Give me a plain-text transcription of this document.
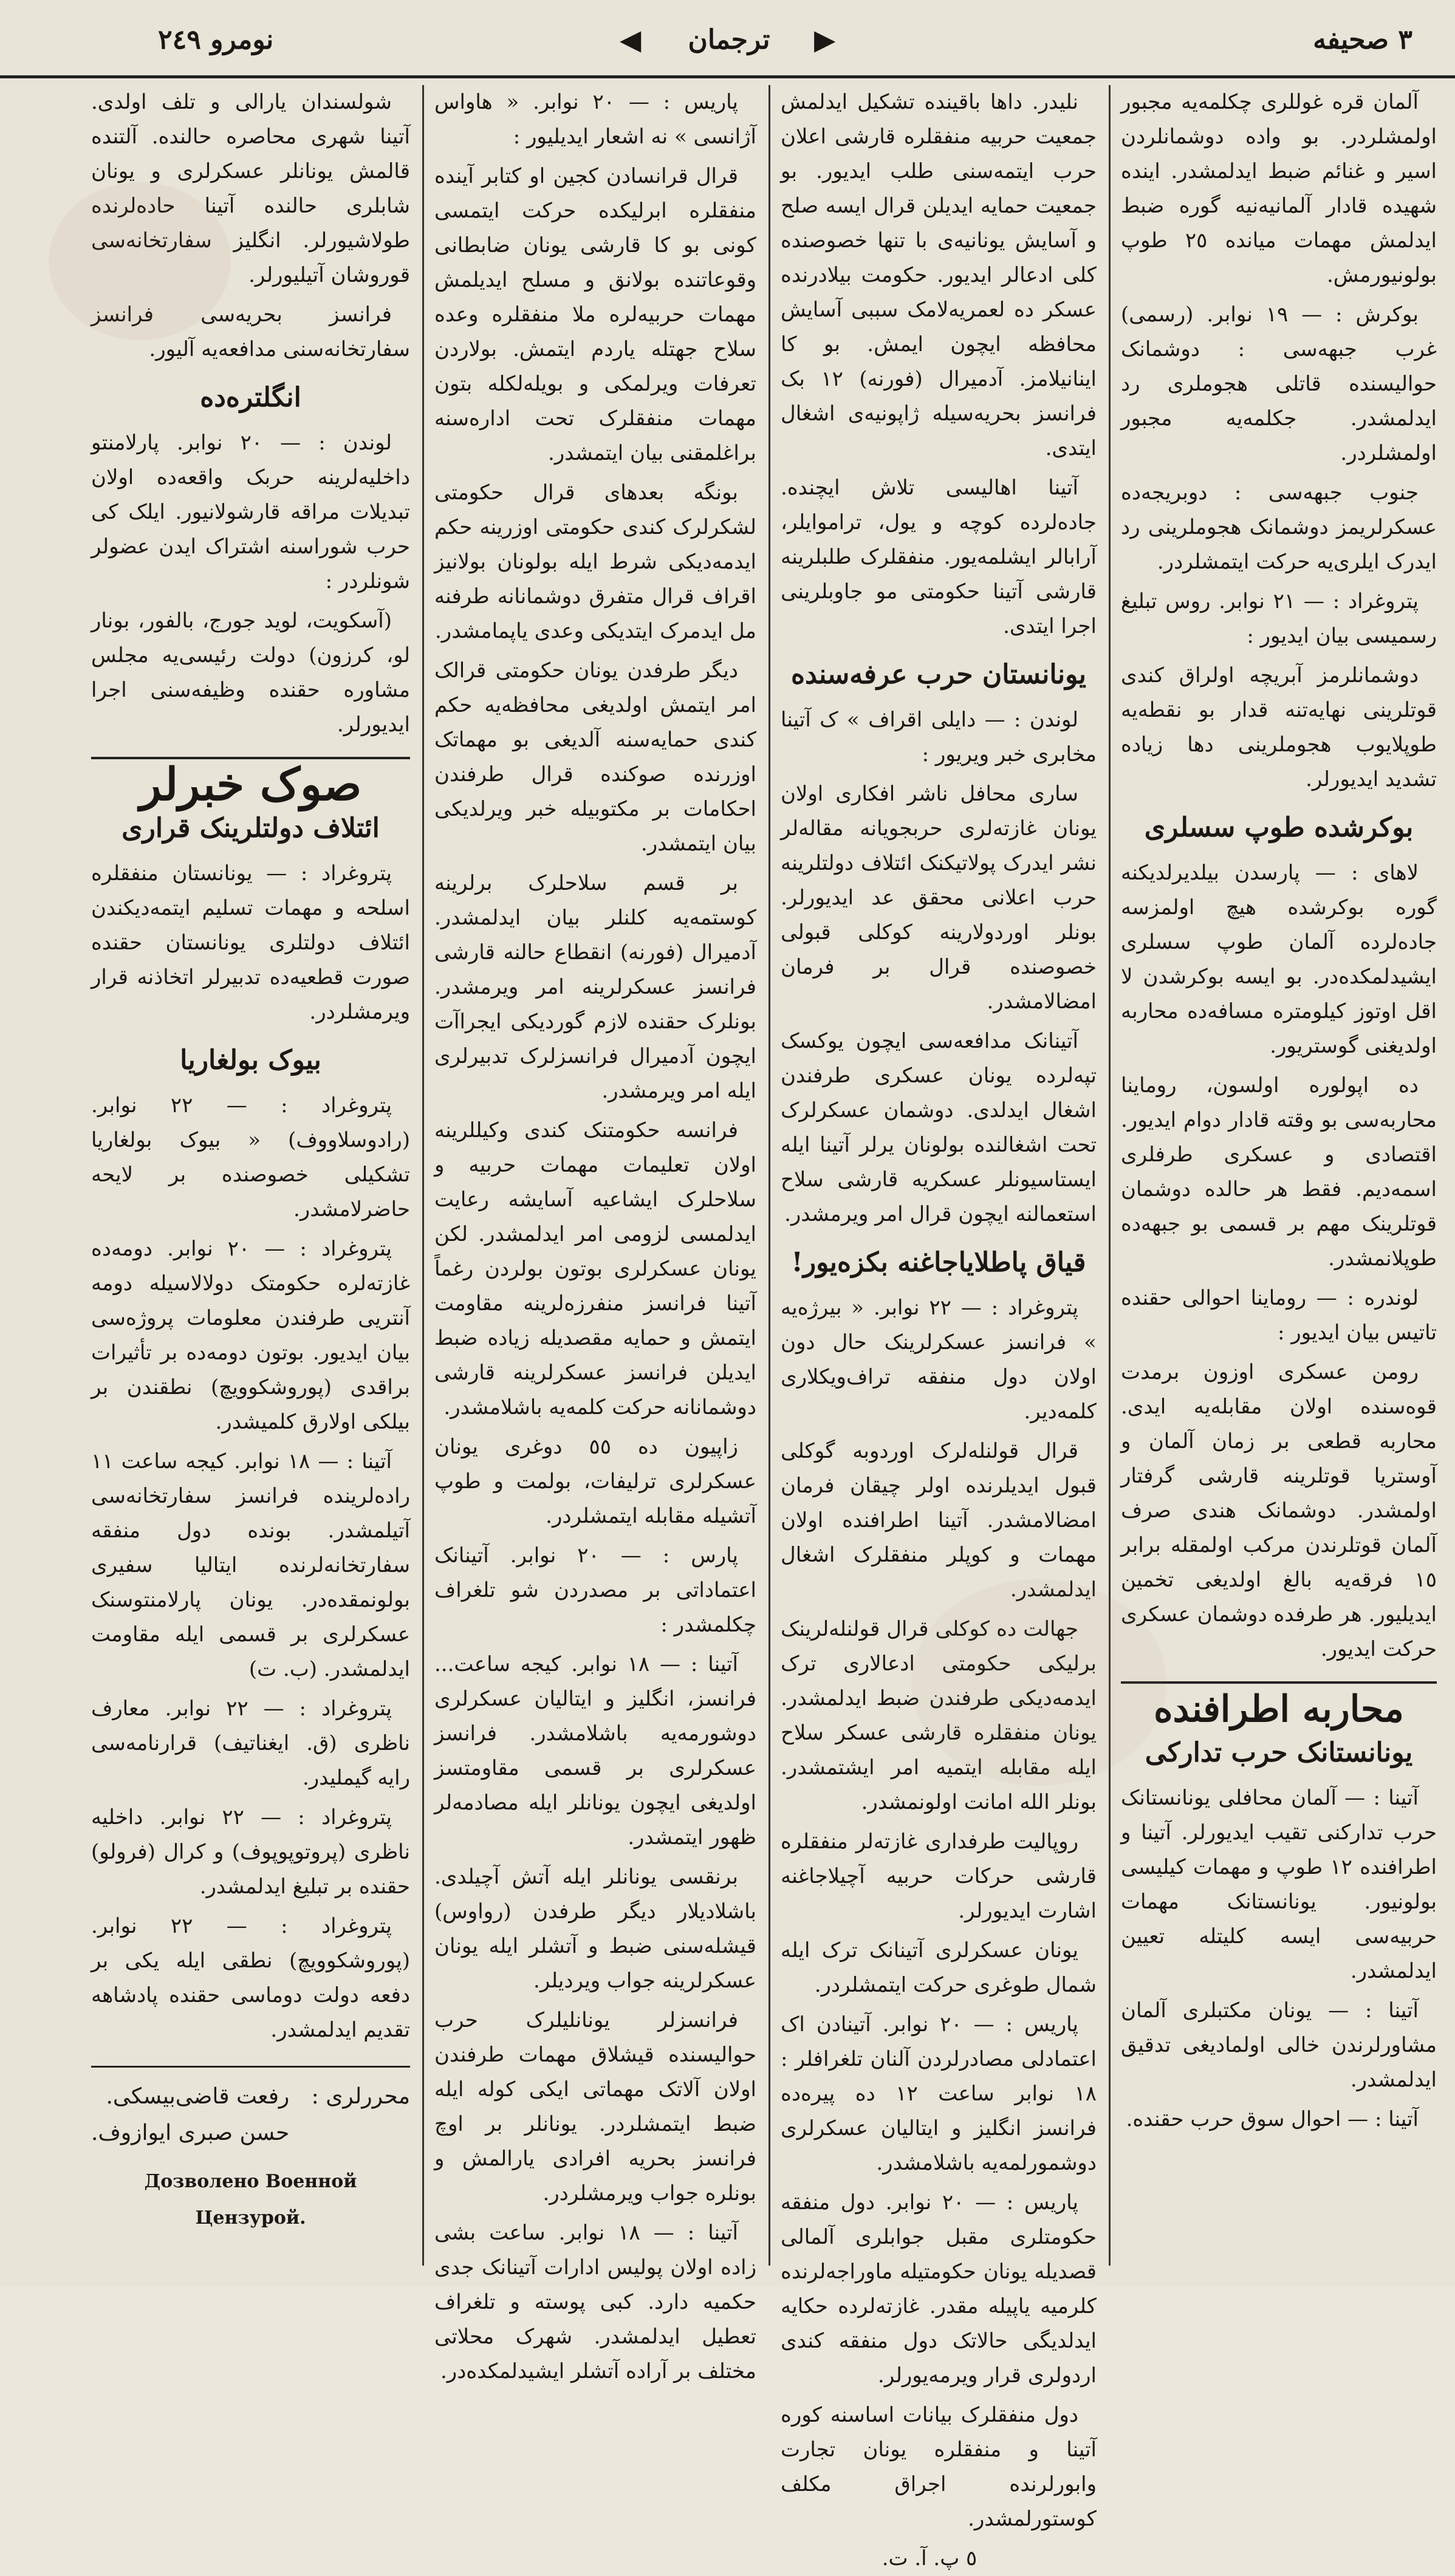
٣ صحيفه
◀ ترجمان ▶
نومرو ٢٤٩

آلمان قره غوللری چکلمه‌یه مجبور اولمشلردر. بو واده دوشمانلردن اسیر و غنائم ضبط ایدلمشدر. اینده شهیده قادار آلمانیه‌نیه گوره ضبط ایدلمش مهمات میانده ٢٥ طوپ بولونیورمش.

بوکرش : — ١٩ نوابر. (رسمی) غرب جبهه‌سی : دوشمانک حوالیسنده قاتلی هجوملری رد ایدلمشدر. جکلمه‌یه مجبور اولمشلردر.

جنوب جبهه‌سی : دوبریجه‌ده عسکرلریمز دوشمانک هجوملرینی رد ایدرک ایلری‌یه حرکت ایتمشلردر.

پتروغراد : — ٢١ نوابر. روس تبلیغ رسمیسی بیان ایدیور :

دوشمانلرمز آبریچه اولراق کندی قوتلرینی نهایه‌تنه قدار بو نقطه‌یه طوپلایوب هجوملرینی دها زیاده تشدید ایدیورلر.

بوکرشده طوپ سسلری

لاهای : — پارسدن بیلدیرلدیکنه گوره بوکرشده هیچ اولمزسه جاده‌لرده آلمان طوپ سسلری ایشیدلمکده‌در. بو ایسه بوکرشدن لا اقل اوتوز کیلومتره مسافه‌ده محاربه اولدیغنی گوستریور.

ده اپولوره اولسون، روماینا محاربه‌سی بو وقته قادار دوام ایدیور. اقتصادی و عسکری طرفلری اسمه‌دیم. فقط هر حالده دوشمان قوتلرینک مهم بر قسمی بو جبهه‌ده طوپلانمشدر.

لوندره : — روماینا احوالی حقنده تاتیس بیان ایدیور :

رومن عسکری اوزون برمدت قوه‌سنده اولان مقابله‌یه ایدی. محاربه قطعی بر زمان آلمان و آوستریا قوتلرینه قارشی گرفتار اولمشدر. دوشمانک هندی صرف آلمان قوتلرندن مرکب اولمقله برابر ١٥ فرقه‌یه بالغ اولدیغی تخمین ایدیلیور. هر طرفده دوشمان عسکری حرکت ایدیور.

محاربه اطرافنده
یونانستانک حرب تدارکی

آتینا : — آلمان محافلی یونانستانک حرب تدارکنی تقیب ایدیورلر. آتینا و اطرافنده ١٢ طوپ و مهمات کیلیسی بولونیور. یونانستانک مهمات حربیه‌سی ایسه کلیتله تعیین ایدلمشدر.

آتینا : — یونان مکتبلری آلمان مشاورلرندن خالی اولمادیغی تدقیق ایدلمشدر.

آتینا : — احوال سوق حرب حقنده.

نلیدر. داها باقینده تشکیل ایدلمش جمعیت حربیه منفقلره قارشی اعلان حرب ایتمه‌سنی طلب ایدیور. بو جمعیت حمایه ایدیلن قرال ایسه صلح و آسایش یونانیه‌ی با تنها خصوصنده کلی ادعالر ایدیور. حکومت بیلادرنده عسکر ده لعمریه‌لامک سببی آسایش محافظه ایچون ایمش. بو کا اینانیلامز. آدمیرال (فورنه) ١٢ بک فرانسز بحریه‌سیله ژاپونیه‌ی اشغال ایتدی.

آتینا اهالیسی تلاش ایچنده. جاده‌لرده کوچه و یول، تراموایلر، آرابالر ایشلمه‌یور. منفقلرک طلبلرینه قارشی آتینا حکومتی مو جاوبلرینی اجرا ایتدی.

یونانستان حرب عرفه‌سنده

لوندن : — دایلی اقراف » ک آتینا مخابری خبر ویریور :

ساری محافل ناشر افکاری اولان یونان غازته‌لری حربجویانه مقاله‌لر نشر ایدرک پولاتیکنک ائتلاف دولتلرینه حرب اعلانی محقق عد ایدیورلر. بونلر اوردولارینه کوکلی قبولی خصوصنده قرال بر فرمان امضالامشدر.

آتینانک مدافعه‌سی ایچون یوکسک تپه‌لرده یونان عسکری طرفندن اشغال ایدلدی. دوشمان عسکرلرک تحت اشغالنده بولونان یرلر آتینا ایله ایستاسیونلر عسکریه قارشی سلاح استعمالنه ایچون قرال امر ویرمشدر.

قیاق پاطلایاجاغنه بکزه‌یور!

پتروغراد : — ٢٢ نوابر. « بیرژه‌یه » فرانسز عسکرلرینک حال دون اولان دول منفقه تراف‌ویکلاری کلمه‌دیر.

قرال قولنله‌لرک اوردوبه گوکلی قبول ایدیلرنده اولر چیقان فرمان امضالامشدر. آتینا اطرافنده اولان مهمات و کوپلر منفقلرک اشغال ایدلمشدر.

جهالت ده کوکلی قرال قولنله‌لرینک برلیکی حکومتی ادعالاری ترک ایدمه‌دیکی طرفندن ضبط ایدلمشدر. یونان منفقلره قارشی عسکر سلاح ایله مقابله ایتمیه امر ایشتمشدر. بونلر الله امانت اولونمشدر.

روپالیت طرفداری غازته‌لر منفقلره قارشی حرکات حربیه آچیلاجاغنه اشارت ایدیورلر.

یونان عسکرلری آتینانک ترک ایله شمال طوغری حرکت ایتمشلردر.

پاریس : — ٢٠ نوابر. آتینادن اک اعتمادلی مصادرلردن آلنان تلغرافلر : ١٨ نوابر ساعت ١٢ ده پیره‌ده فرانسز انگلیز و ایتالیان عسکرلری دوشمورلمه‌یه باشلامشدر.

پاریس : — ٢٠ نوابر. دول منفقه حکومتلری مقبل جوابلری آلمالی قصدیله یونان حکومتیله ماوراجه‌لرنده کلرمیه یاپیله مقدر. غازته‌لرده حکایه ایدلدیگی حالاتک دول منفقه کندی اردولری قرار ویرمه‌یورلر.

دول منفقلرک بیانات اساسنه کوره آتینا و منفقلره یونان تجارت وابورلرنده اجراق مکلف کوستورلمشدر.

٥ پ. آ. ت.

پاریس : — ٢٠ نوابر. « هاواس آژانسی » نه اشعار ایدیلیور :

قرال قرانسادن کجین او کتابر آینده منفقلره ابرلیکده حرکت ایتمسی کونی بو کا قارشی یونان ضابطانی وقوعاتنده بولانق و مسلح ایدیلمش مهمات حربیه‌لره ملا منفقلره وعده سلاح جهتله یاردم ایتمش. بولاردن تعرفات ویرلمکی و بویله‌لکله بتون مهمات منفقلرک تحت اداره‌سنه براغلمقنی بیان ایتمشدر.

بونگه بعدهای قرال حکومتی لشکرلرک کندی حکومتی اوزرینه حکم ایدمه‌دیکی شرط ایله بولونان بولانیز اقراف قرال متفرق دوشمانانه طرفنه مل ایدمرک ایتدیکی وعدی یاپمامشدر.

دیگر طرفدن یونان حکومتی قرالک امر ایتمش اولدیغی محافظه‌یه حکم کندی حمایه‌سنه آلدیغی بو مهماتک اوزرنده صوکنده قرال طرفندن احکامات بر مکتوبیله خبر ویرلدیکی بیان ایتمشدر.

بر قسم سلاحلرک برلرینه کوستمه‌یه کلنلر بیان ایدلمشدر. آدمیرال (فورنه) انقطاع حالنه قارشی فرانسز عسکرلرینه امر ویرمشدر. بونلرک حقنده لازم گوردیکی ایجراآت ایچون آدمیرال فرانسزلرک تدبیرلری ایله امر ویرمشدر.

فرانسه حکومتنک کندی وکیللرینه اولان تعلیمات مهمات حربیه و سلاحلرک ایشاعیه آسایشه رعایت ایدلمسی لزومی امر ایدلمشدر. لکن یونان عسکرلری بوتون بولردن رغماً آتینا فرانسز منفرزه‌لرینه مقاومت ایتمش و حمایه مقصدیله زیاده ضبط ایدیلن فرانسز عسکرلرینه قارشی دوشمانانه حرکت کلمه‌یه باشلامشدر.

زاپیون ده ٥٥ دوغری یونان عسکرلری ترلیفات، بولمت و طوپ آتشیله مقابله ایتمشلردر.

پارس : — ٢٠ نوابر. آتینانک اعتماداتی بر مصدردن شو تلغراف چکلمشدر :

آتینا : — ١٨ نوابر. کیجه ساعت... فرانسز، انگلیز و ایتالیان عسکرلری دوشورمه‌یه باشلامشدر. فرانسز عسکرلری بر قسمی مقاومتسز اولدیغی ایچون یونانلر ایله مصادمه‌لر ظهور ایتمشدر.

برنقسی یونانلر ایله آتش آچیلدی. باشلادیلار دیگر طرفدن (رواوس) قیشله‌سنی ضبط و آتشلر ایله یونان عسکرلرینه جواب ویردیلر.

فرانسزلر یونانلیلرک حرب حوالیسنده قیشلاق مهمات طرفندن اولان آلاتک مهماتی ایکی کوله ایله ضبط ایتمشلردر. یونانلر بر اوچ فرانسز بحریه افرادی یارالمش و بونلره جواب ویرمشلردر.

آتینا : — ١٨ نوابر. ساعت بشی زاده اولان پولیس ادارات آتینانک جدی حکمیه دارد. کبی پوسته و تلغراف تعطیل ایدلمشدر. شهرک محلاتی مختلف بر آراده آتشلر ایشیدلمکده‌در.

شولسندان یارالی و تلف اولدی. آتینا شهری محاصره حالنده. آلتنده قالمش یونانلر عسکرلری و یونان شابلری حالنده آتینا حاده‌لرنده طولاشیورلر. انگلیز سفارتخانه‌سی قوروشان آتیلیورلر.

فرانسز بحریه‌سی فرانسز سفارتخانه‌سنی مدافعه‌یه آلیور.

انگلتره‌ده

لوندن : — ٢٠ نوابر. پارلامنتو داخلیه‌لرینه حربک واقعه‌ده اولان تبدیلات مراقه قارشولانیور. ایلک کی حرب شوراسنه اشتراک ایدن عضولر شونلردر :

(آسکویت، لوید جورج، بالفور، بونار لو، کرزون) دولت رئیسی‌یه مجلس مشاوره حقنده وظیفه‌سنی اجرا ایدیورلر.

صوک خبرلر
ائتلاف دولتلرینک قراری

پتروغراد : — یونانستان منفقلره اسلحه و مهمات تسلیم ایتمه‌دیکندن ائتلاف دولتلری یونانستان حقنده صورت قطعیه‌ده تدبیرلر اتخاذنه قرار ویرمشلردر.

بیوک بولغاریا

پتروغراد : — ٢٢ نوابر. (رادوسلاووف) « بیوک بولغاریا تشکیلی خصوصنده بر لایحه حاضرلامشدر.

پتروغراد : — ٢٠ نوابر. دومه‌ده غازته‌لره حکومتک دولالاسیله دومه آنتریی طرفندن معلومات پروژه‌سی بیان ایدیور. بوتون دومه‌ده بر تأثیرات براقدی (پوروشکوویچ) نطقندن بر بیلکی اولارق کلمیشدر.

آتینا : — ١٨ نوابر. کیجه ساعت ١١ راده‌لرینده فرانسز سفارتخانه‌سی آتیلمشدر. بونده دول منفقه سفارتخانه‌لرنده ایتالیا سفیری بولونمقده‌در. یونان پارلامنتوسنک عسکرلری بر قسمی ایله مقاومت ایدلمشدر. (ب. ت)

پتروغراد : — ٢٢ نوابر. معارف ناظری (ق. ایغناتیف) قرارنامه‌سی رایه گیملیدر.

پتروغراد : — ٢٢ نوابر. داخلیه ناظری (پروتوپوپوف) و کرال (فرولو) حقنده بر تبلیغ ایدلمشدر.

پتروغراد : — ٢٢ نوابر. (پوروشکوویچ) نطقی ایله یکی بر دفعه دولت دوماسی حقنده پادشاهه تقدیم ایدلمشدر.

محررلری :
رفعت قاضی‌بیسکی.
حسن صبری ایوازوف.
Дозволено Военной Цензурой.
